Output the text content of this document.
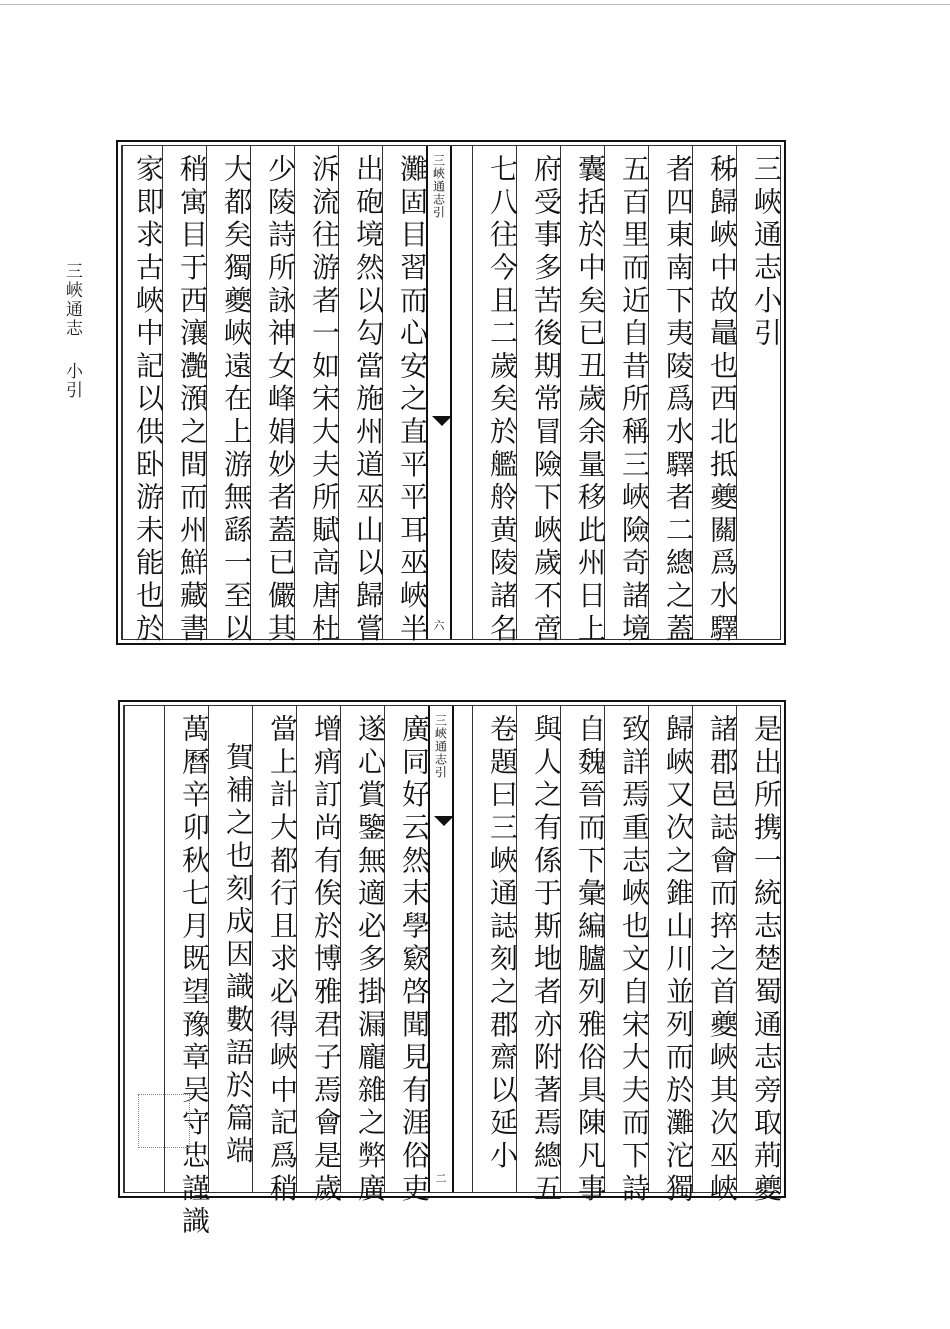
三峽通志小引
三峽通志小引
秭歸峽中故鼂也西北抵夔關爲水驛
者四東南下夷陵爲水驛者二總之蓋
五百里而近自昔所稱三峽險奇諸境
囊括於中矣已丑歲余量移此州日上
府受事多苦後期常冒險下峽歲不啻
七八往今且二歲矣於艦舲黄陵諸名
三峽通志引
六
灘固目習而心安之直平平耳巫峽半
出砲境然以勾當施州道巫山以歸嘗
泝流往游者一如宋大夫所賦高唐杜
少陵詩所詠神女峰娟妙者蓋已儼其
大都矣獨夔峽遠在上游無繇一至以
稍寓目于西瀼灔澦之間而州鮮藏書
家即求古峽中記以供卧游未能也於
是出所携一統志楚蜀通志旁取荊夔
諸郡邑誌會而捽之首夔峽其次巫峽
歸峽又次之錐山川並列而於灘沱獨
致詳焉重志峽也文自宋大夫而下詩
自魏晉而下彙編臚列雅俗具陳凡事
與人之有係于斯地者亦附著焉總五
卷題曰三峽通誌刻之郡齋以延小
三峽通志引
二
廣同好云然末學窽啓聞見有涯俗吏
遂心賞鑒無適必多掛漏龐雜之弊廣
增痟訂尚有俟於博雅君子焉會是歲
當上計大都行且求必得峽中記爲稍
賀補之也刻成因識數語於篇端
萬曆辛卯秋七月既望豫章吴守忠謹識
